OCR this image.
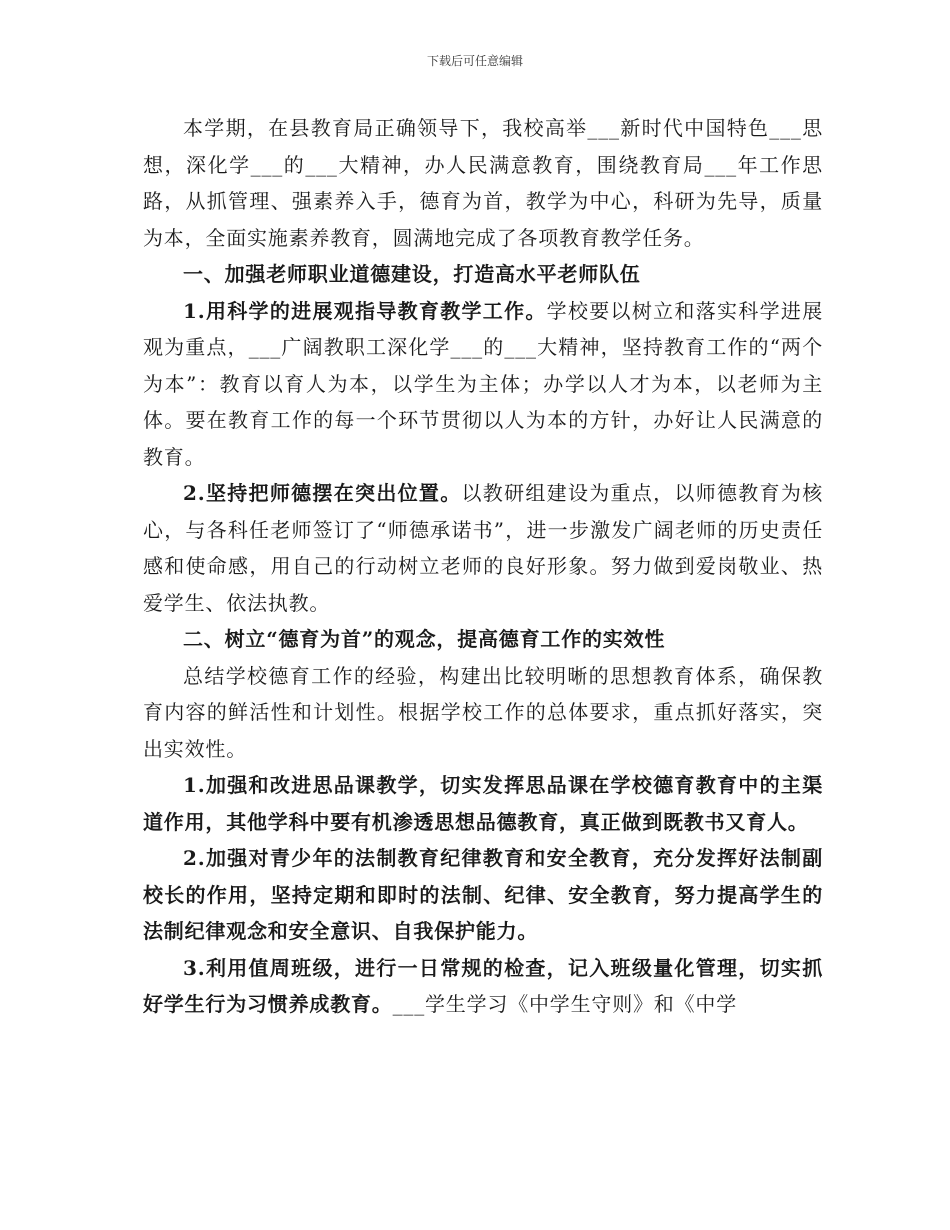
下载后可任意编辑

本学期，在县教育局正确领导下，我校高举___新时代中国特色___思想，深化学___的___大精神，办人民满意教育，围绕教育局___年工作思路，从抓管理、强素养入手，德育为首，教学为中心，科研为先导，质量为本，全面实施素养教育，圆满地完成了各项教育教学任务。

一、加强老师职业道德建设，打造高水平老师队伍

1.用科学的进展观指导教育教学工作。学校要以树立和落实科学进展观为重点，___广阔教职工深化学___的___大精神，坚持教育工作的“两个为本”：教育以育人为本，以学生为主体；办学以人才为本，以老师为主体。要在教育工作的每一个环节贯彻以人为本的方针，办好让人民满意的教育。

2.坚持把师德摆在突出位置。以教研组建设为重点，以师德教育为核心，与各科任老师签订了“师德承诺书”，进一步激发广阔老师的历史责任感和使命感，用自己的行动树立老师的良好形象。努力做到爱岗敬业、热爱学生、依法执教。

二、树立“德育为首”的观念，提高德育工作的实效性

总结学校德育工作的经验，构建出比较明晰的思想教育体系，确保教育内容的鲜活性和计划性。根据学校工作的总体要求，重点抓好落实，突出实效性。

1.加强和改进思品课教学，切实发挥思品课在学校德育教育中的主渠道作用，其他学科中要有机渗透思想品德教育，真正做到既教书又育人。

2.加强对青少年的法制教育纪律教育和安全教育，充分发挥好法制副校长的作用，坚持定期和即时的法制、纪律、安全教育，努力提高学生的法制纪律观念和安全意识、自我保护能力。

3.利用值周班级，进行一日常规的检查，记入班级量化管理，切实抓好学生行为习惯养成教育。___学生学习《中学生守则》和《中学
